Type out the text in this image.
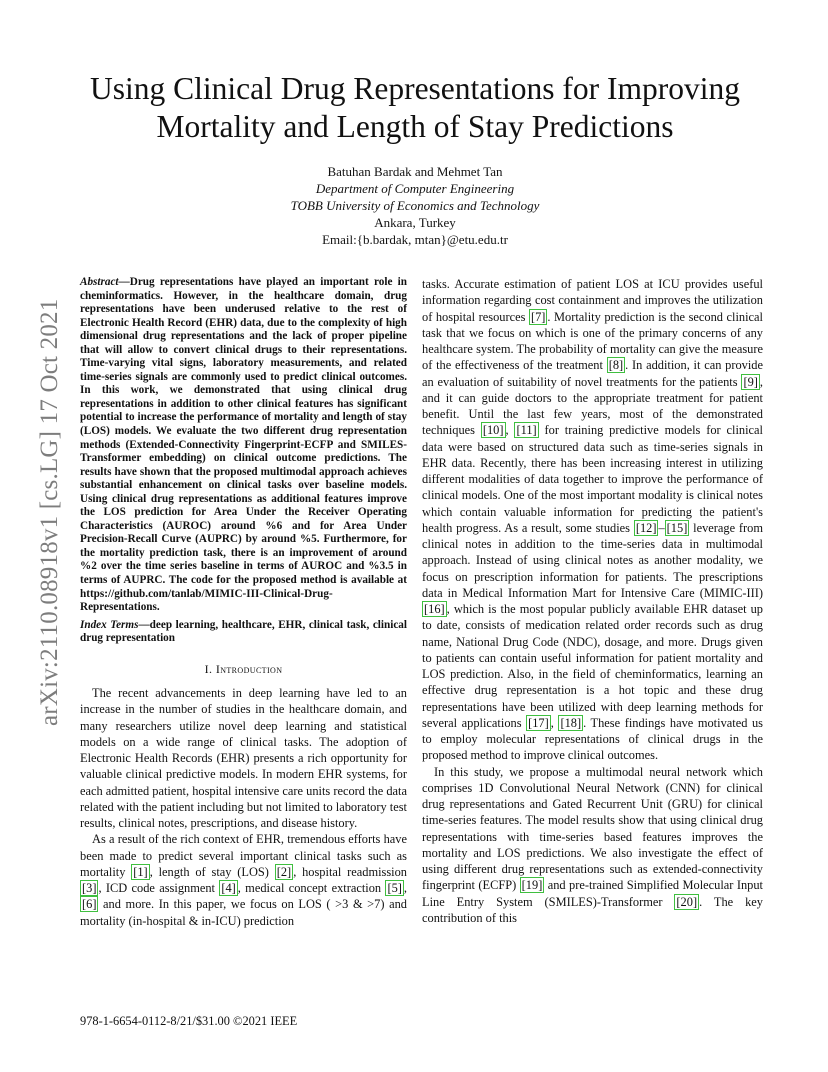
arXiv:2110.08918v1 [cs.LG] 17 Oct 2021
Using Clinical Drug Representations for Improving
Mortality and Length of Stay Predictions
Batuhan Bardak and Mehmet Tan
Department of Computer Engineering
TOBB University of Economics and Technology
Ankara, Turkey
Email:{b.bardak, mtan}@etu.edu.tr

Abstract—Drug representations have played an important role in cheminformatics. However, in the healthcare domain, drug representations have been underused relative to the rest of Electronic Health Record (EHR) data, due to the complexity of high dimensional drug representations and the lack of proper pipeline that will allow to convert clinical drugs to their representations. Time-varying vital signs, laboratory measurements, and related time-series signals are commonly used to predict clinical outcomes. In this work, we demonstrated that using clinical drug representations in addition to other clinical features has significant potential to increase the performance of mortality and length of stay (LOS) models. We evaluate the two different drug representation methods (Extended-Connectivity Fingerprint-ECFP and SMILES-Transformer embedding) on clinical outcome predictions. The results have shown that the proposed multimodal approach achieves substantial enhancement on clinical tasks over baseline models. Using clinical drug representations as additional features improve the LOS prediction for Area Under the Receiver Operating Characteristics (AUROC) around %6 and for Area Under Precision-Recall Curve (AUPRC) by around %5. Furthermore, for the mortality prediction task, there is an improvement of around %2 over the time series baseline in terms of AUROC and %3.5 in terms of AUPRC. The code for the proposed method is available at https://github.com/tanlab/MIMIC-III-Clinical-Drug-Representations.

Index Terms—deep learning, healthcare, EHR, clinical task, clinical drug representation

I. Introduction

The recent advancements in deep learning have led to an increase in the number of studies in the healthcare domain, and many researchers utilize novel deep learning and statistical models on a wide range of clinical tasks. The adoption of Electronic Health Records (EHR) presents a rich opportunity for valuable clinical predictive models. In modern EHR systems, for each admitted patient, hospital intensive care units record the data related with the patient including but not limited to laboratory test results, clinical notes, prescriptions, and disease history.

As a result of the rich context of EHR, tremendous efforts have been made to predict several important clinical tasks such as mortality [1] , length of stay (LOS) [2] , hospital readmission [3] , ICD code assignment [4] , medical concept extraction [5] , [6] and more. In this paper, we focus on LOS ( >3 & >7) and mortality (in-hospital & in-ICU) prediction

tasks. Accurate estimation of patient LOS at ICU provides useful information regarding cost containment and improves the utilization of hospital resources [7] . Mortality prediction is the second clinical task that we focus on which is one of the primary concerns of any healthcare system. The probability of mortality can give the measure of the effectiveness of the treatment [8] . In addition, it can provide an evaluation of suitability of novel treatments for the patients [9] , and it can guide doctors to the appropriate treatment for patient benefit. Until the last few years, most of the demonstrated techniques [10] , [11] for training predictive models for clinical data were based on structured data such as time-series signals in EHR data. Recently, there has been increasing interest in utilizing different modalities of data together to improve the performance of clinical models. One of the most important modality is clinical notes which contain valuable information for predicting the patient's health progress. As a result, some studies [12] – [15] leverage from clinical notes in addition to the time-series data in multimodal approach. Instead of using clinical notes as another modality, we focus on prescription information for patients. The prescriptions data in Medical Information Mart for Intensive Care (MIMIC-III) [16] , which is the most popular publicly available EHR dataset up to date, consists of medication related order records such as drug name, National Drug Code (NDC), dosage, and more. Drugs given to patients can contain useful information for patient mortality and LOS prediction. Also, in the field of cheminformatics, learning an effective drug representation is a hot topic and these drug representations have been utilized with deep learning methods for several applications [17] , [18] . These findings have motivated us to employ molecular representations of clinical drugs in the proposed method to improve clinical outcomes.

In this study, we propose a multimodal neural network which comprises 1D Convolutional Neural Network (CNN) for clinical drug representations and Gated Recurrent Unit (GRU) for clinical time-series features. The model results show that using clinical drug representations with time-series based features improves the mortality and LOS predictions. We also investigate the effect of using different drug representations such as extended-connectivity fingerprint (ECFP) [19] and pre-trained Simplified Molecular Input Line Entry System (SMILES)-Transformer [20] . The key contribution of this

978-1-6654-0112-8/21/$31.00 ©2021 IEEE
